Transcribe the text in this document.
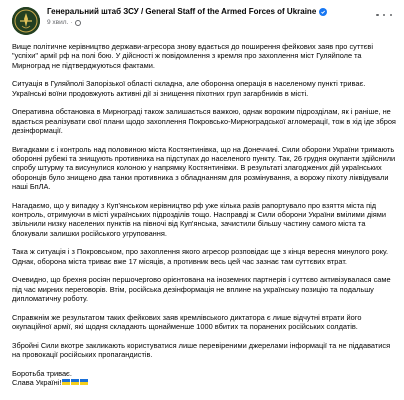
Генеральний штаб ЗСУ / General Staff of the Armed Forces of Ukraine
9 хвил. ·

Вище політичне керівництво держави-агресора знову вдається до поширення фейкових заяв про суттєві "успіхи" армії рф на полі бою. У дійсності ж повідомлення з кремля про захоплення міст Гуляйполе та Мирноград не підтверджуються фактами.

Ситуація в Гуляйполі Запорізької області складна, але оборонна операція в населеному пункті триває. Українські воїни продовжують активні дії зі знищення піхотних груп загарбників в місті.

Оперативна обстановка в Мирнограді також залишається важкою, однак ворожим підрозділам, як і раніше, не вдається реалізувати свої плани щодо захоплення Покровсько-Мирноградської агломерації, тож в хід іде зброя дезінформації.

Вигадками є і контроль над половиною міста Костянтинівка, що на Донеччині. Сили оборони України тримають оборонні рубежі та знищують противника на підступах до населеного пункту. Так, 26 грудня окупанти здійснили спробу штурму та висунулися колоною у напрямку Костянтинівки. В результаті злагоджених дій українських оборонців було знищено два танки противника з обладнанням для розмінування, а ворожу піхоту ліквідували наші БпЛА.

Нагадаємо, що у випадку з Куп'янськом керівництво рф уже кілька разів рапортувало про взяття міста під контроль, отримуючи в місті українських підрозділів тощо. Насправді ж Сили оборони України вмілими діями звільнили низку населених пунктів на півночі від Куп'янська, зачистили більшу частину самого міста та блокували залишки російського угруповання.

Така ж ситуація і з Покровськом, про захоплення якого агресор розповідає ще з кінця вересня минулого року. Однак, оборона міста триває вже 17 місяців, а противник весь цей час зазнає там суттєвих втрат.

Очевидно, що брехня росіян першочергово орієнтована на іноземних партнерів і суттєво активізувалася саме під час мирних переговорів. Втім, російська дезінформація не вплине на українську позицію та подальшу дипломатичну роботу.

Справжнім же результатом таких фейкових заяв кремлівського диктатора є лише відчутні втрати його окупаційної армії, які щодня складають щонайменше 1000 вбитих та поранених російських солдатів.

Збройні Сили вкотре закликають користуватися лише перевіреними джерелами інформації та не піддаватися на провокації російських пропагандистів.

Боротьба триває.
Слава Україні!
